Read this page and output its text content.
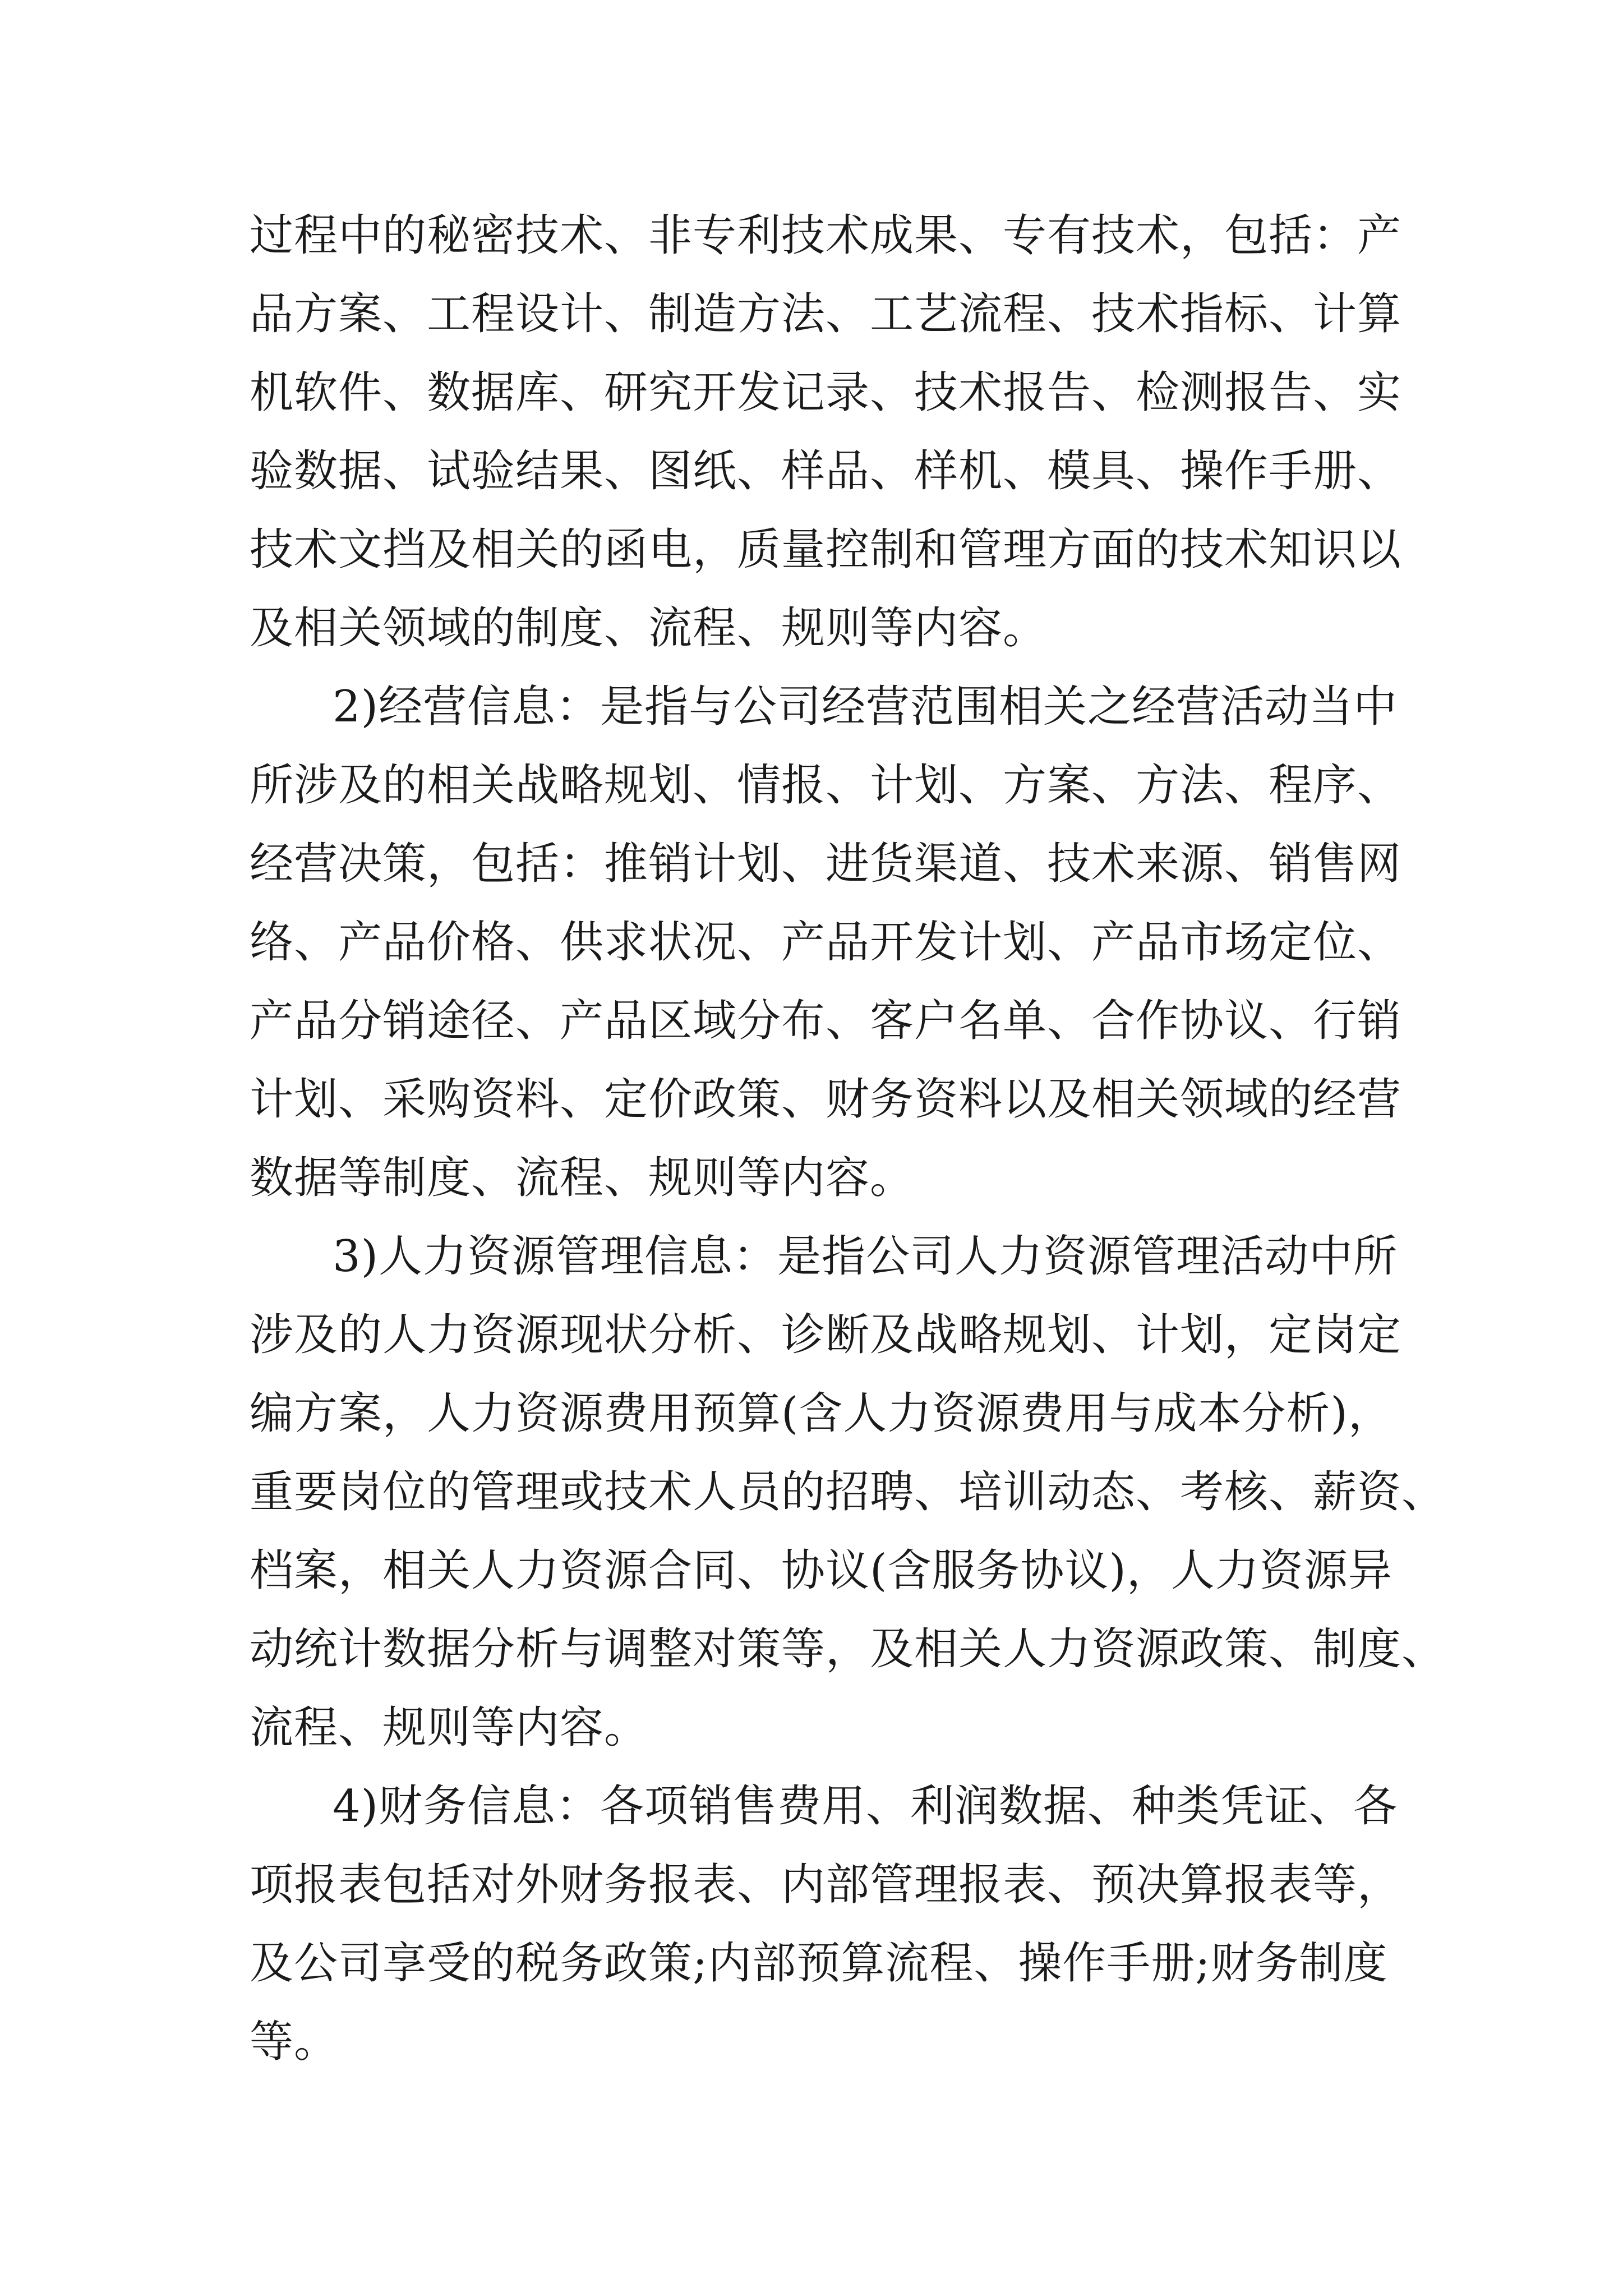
过程中的秘密技术、非专利技术成果、专有技术，包括：产
品方案、工程设计、制造方法、工艺流程、技术指标、计算
机软件、数据库、研究开发记录、技术报告、检测报告、实
验数据、试验结果、图纸、样品、样机、模具、操作手册、
技术文挡及相关的函电，质量控制和管理方面的技术知识以
及相关领域的制度、流程、规则等内容。
2)经营信息：是指与公司经营范围相关之经营活动当中
所涉及的相关战略规划、情报、计划、方案、方法、程序、
经营决策，包括：推销计划、进货渠道、技术来源、销售网
络、产品价格、供求状况、产品开发计划、产品市场定位、
产品分销途径、产品区域分布、客户名单、合作协议、行销
计划、采购资料、定价政策、财务资料以及相关领域的经营
数据等制度、流程、规则等内容。
3)人力资源管理信息：是指公司人力资源管理活动中所
涉及的人力资源现状分析、诊断及战略规划、计划，定岗定
编方案，人力资源费用预算(含人力资源费用与成本分析)，
重要岗位的管理或技术人员的招聘、培训动态、考核、薪资、
档案，相关人力资源合同、协议(含服务协议)，人力资源异
动统计数据分析与调整对策等，及相关人力资源政策、制度、
流程、规则等内容。
4)财务信息：各项销售费用、利润数据、种类凭证、各
项报表包括对外财务报表、内部管理报表、预决算报表等，
及公司享受的税务政策;内部预算流程、操作手册;财务制度
等。
